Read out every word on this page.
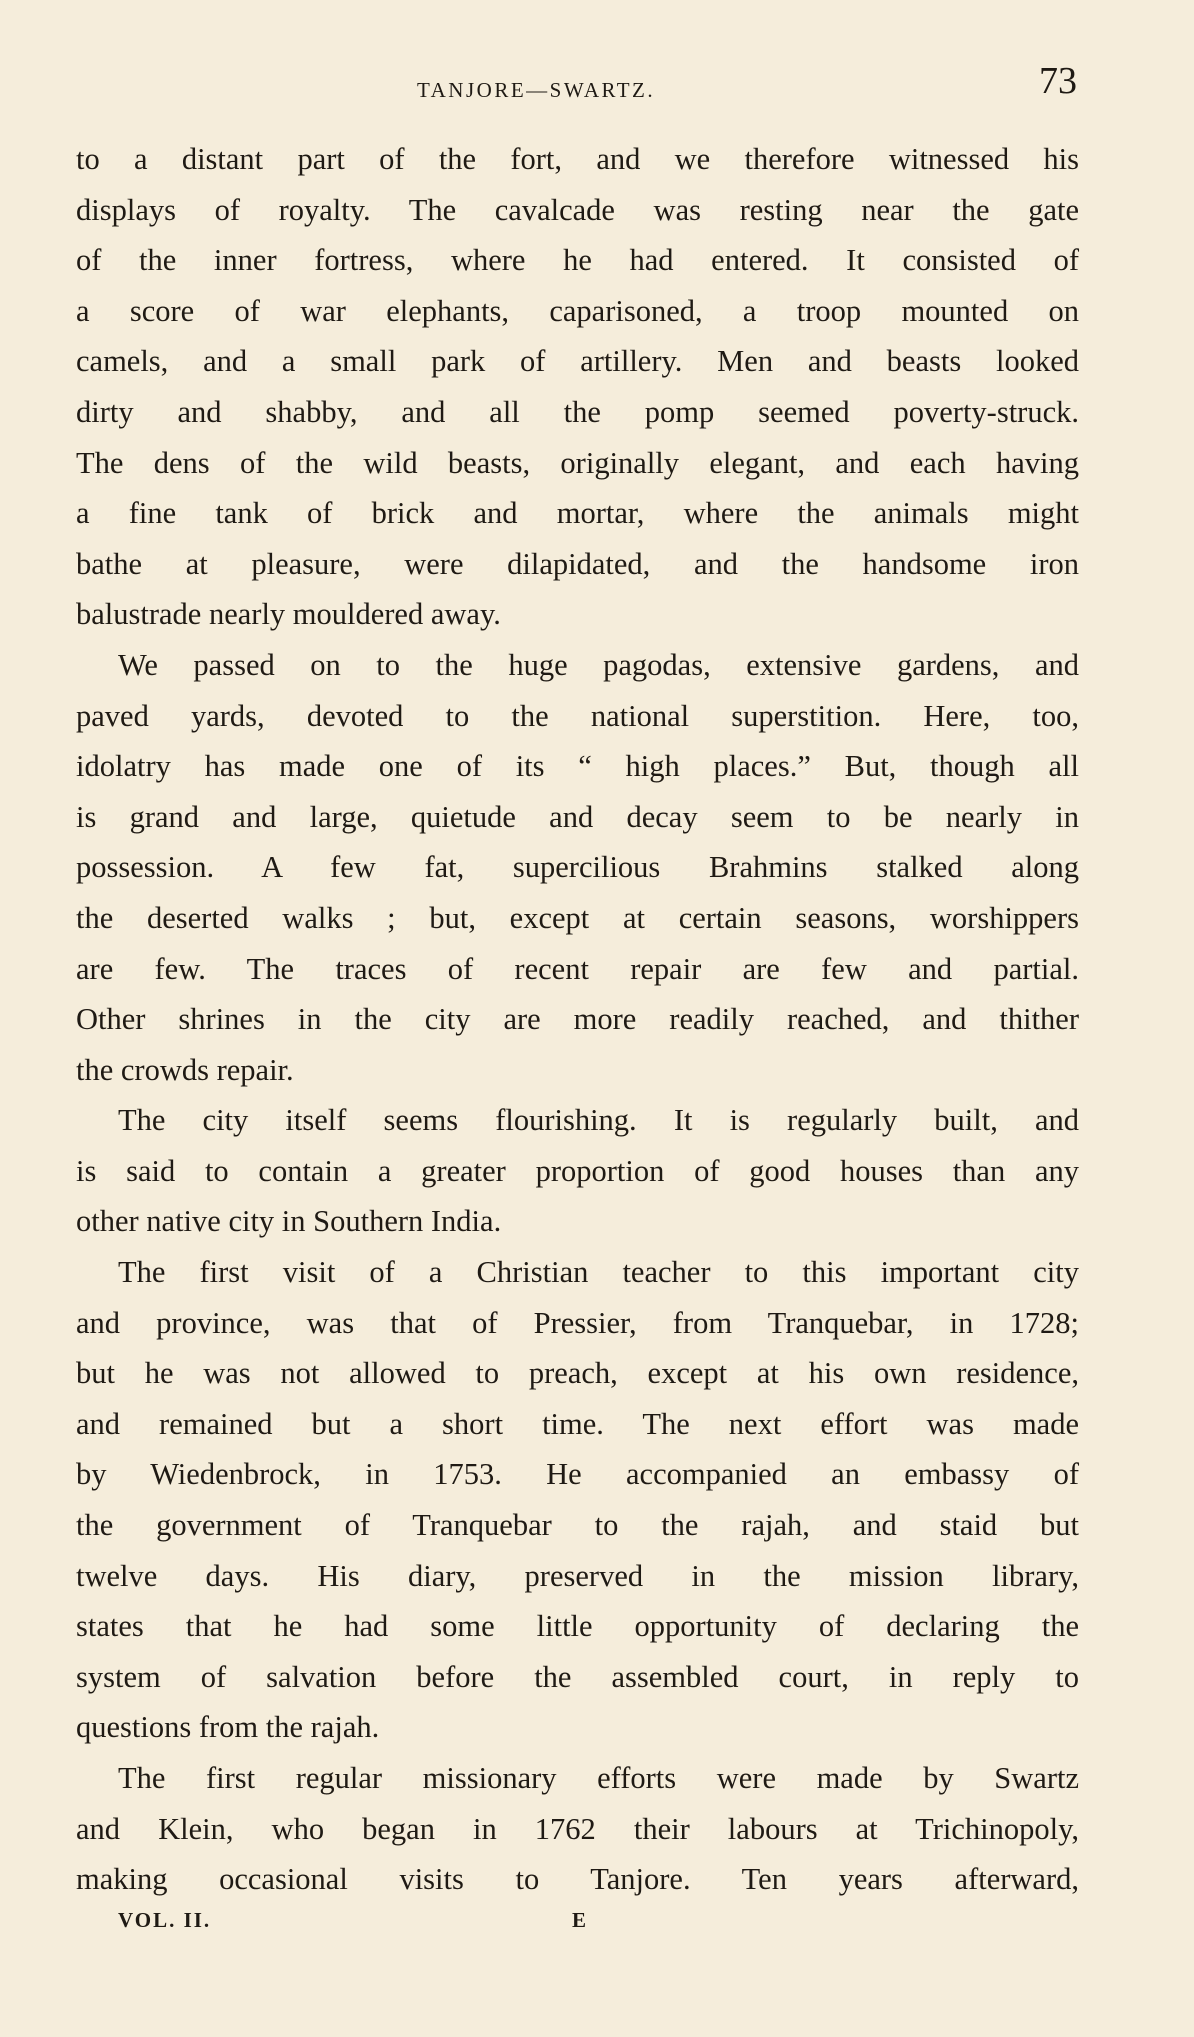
TANJORE—SWARTZ.	73
to a distant part of the fort, and we therefore witnessed his
displays of royalty. The cavalcade was resting near the gate
of the inner fortress, where he had entered. It consisted of
a score of war elephants, caparisoned, a troop mounted on
camels, and a small park of artillery. Men and beasts looked
dirty and shabby, and all the pomp seemed poverty-struck.
The dens of the wild beasts, originally elegant, and each having
a fine tank of brick and mortar, where the animals might
bathe at pleasure, were dilapidated, and the handsome iron
balustrade nearly mouldered away.
We passed on to the huge pagodas, extensive gardens, and
paved yards, devoted to the national superstition. Here, too,
idolatry has made one of its “ high places.” But, though all
is grand and large, quietude and decay seem to be nearly in
possession. A few fat, supercilious Brahmins stalked along
the deserted walks ; but, except at certain seasons, worshippers
are few. The traces of recent repair are few and partial.
Other shrines in the city are more readily reached, and thither
the crowds repair.
The city itself seems flourishing. It is regularly built, and
is said to contain a greater proportion of good houses than any
other native city in Southern India.
The first visit of a Christian teacher to this important city
and province, was that of Pressier, from Tranquebar, in 1728;
but he was not allowed to preach, except at his own residence,
and remained but a short time. The next effort was made
by Wiedenbrock, in 1753. He accompanied an embassy of
the government of Tranquebar to the rajah, and staid but
twelve days. His diary, preserved in the mission library,
states that he had some little opportunity of declaring the
system of salvation before the assembled court, in reply to
questions from the rajah.
The first regular missionary efforts were made by Swartz
and Klein, who began in 1762 their labours at Trichinopoly,
making occasional visits to Tanjore. Ten years afterward,
VOL. II.	E
